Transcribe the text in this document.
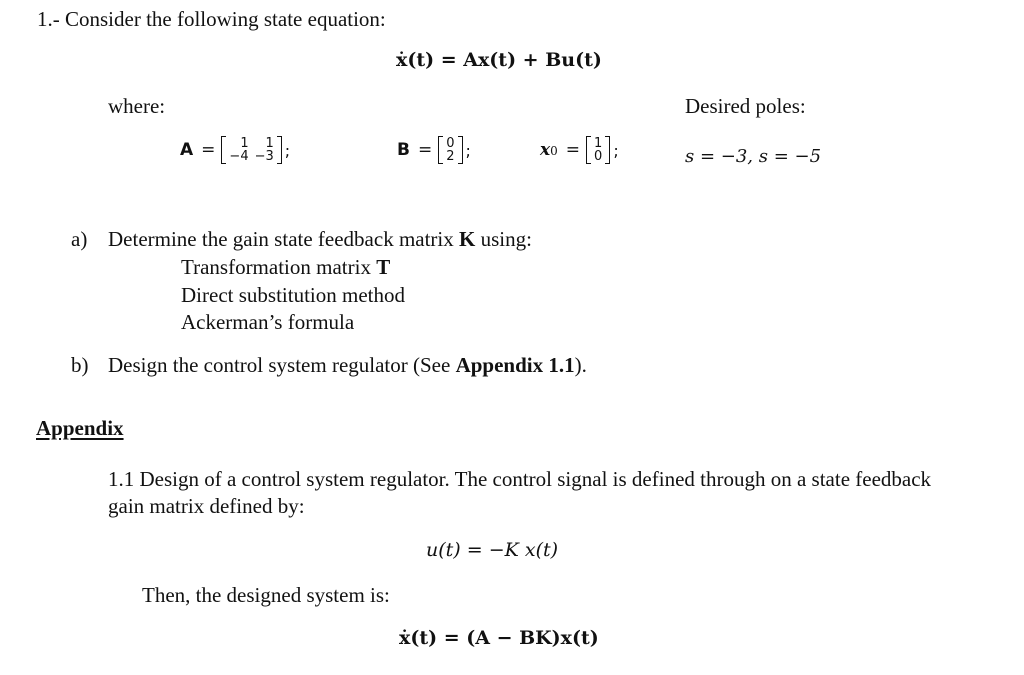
1.- Consider the following state equation:
ẋ(t) = Ax(t) + Bu(t)
where:	Desired poles:
A =	1	1
−4 −3 ;	B = 0
2 ;	x0 = 1
0 ;	s = −3, s = −5
a) Determine the gain state feedback matrix K using:
Transformation matrix T
Direct substitution method
Ackerman’s formula
b) Design the control system regulator (See Appendix 1.1).
Appendix
1.1 Design of a control system regulator. The control signal is defined through on a state feedback
gain matrix defined by:
u(t) = −K x(t)
Then, the designed system is:
ẋ(t) = (A − BK)x(t)
